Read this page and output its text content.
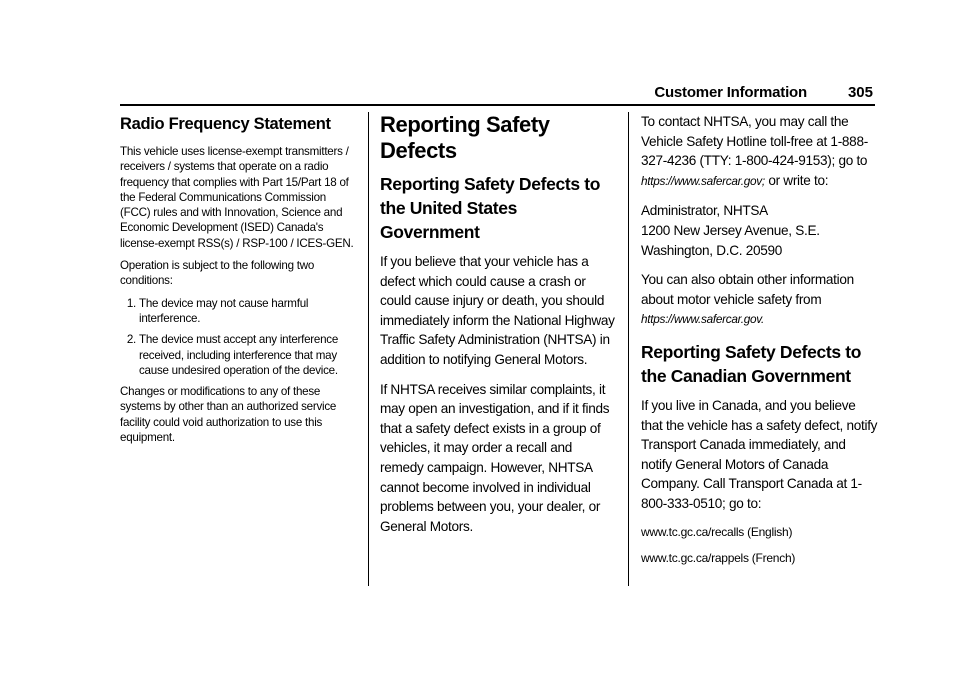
Customer Information	305
Radio Frequency Statement

This vehicle uses license-exempt transmitters / receivers / systems that operate on a radio frequency that complies with Part 15/Part 18 of the Federal Communications Commission (FCC) rules and with Innovation, Science and Economic Development (ISED) Canada's license-exempt RSS(s) / RSP-100 / ICES-GEN.

Operation is subject to the following two conditions:

1. The device may not cause harmful interference.
2. The device must accept any interference received, including interference that may cause undesired operation of the device.

Changes or modifications to any of these systems by other than an authorized service facility could void authorization to use this equipment.

Reporting Safety Defects
Reporting Safety Defects to the United States Government

If you believe that your vehicle has a defect which could cause a crash or could cause injury or death, you should immediately inform the National Highway Traffic Safety Administration (NHTSA) in addition to notifying General Motors.

If NHTSA receives similar complaints, it may open an investigation, and if it finds that a safety defect exists in a group of vehicles, it may order a recall and remedy campaign. However, NHTSA cannot become involved in individual problems between you, your dealer, or General Motors.

To contact NHTSA, you may call the Vehicle Safety Hotline toll-free at 1-888-327-4236 (TTY: 1-800-424-9153); go to https://www.safercar.gov; or write to:

Administrator, NHTSA
1200 New Jersey Avenue, S.E.
Washington, D.C. 20590

You can also obtain other information about motor vehicle safety from
https://www.safercar.gov.

Reporting Safety Defects to the Canadian Government

If you live in Canada, and you believe that the vehicle has a safety defect, notify Transport Canada immediately, and notify General Motors of Canada Company. Call Transport Canada at 1-800-333-0510; go to:

www.tc.gc.ca/recalls (English)

www.tc.gc.ca/rappels (French)
